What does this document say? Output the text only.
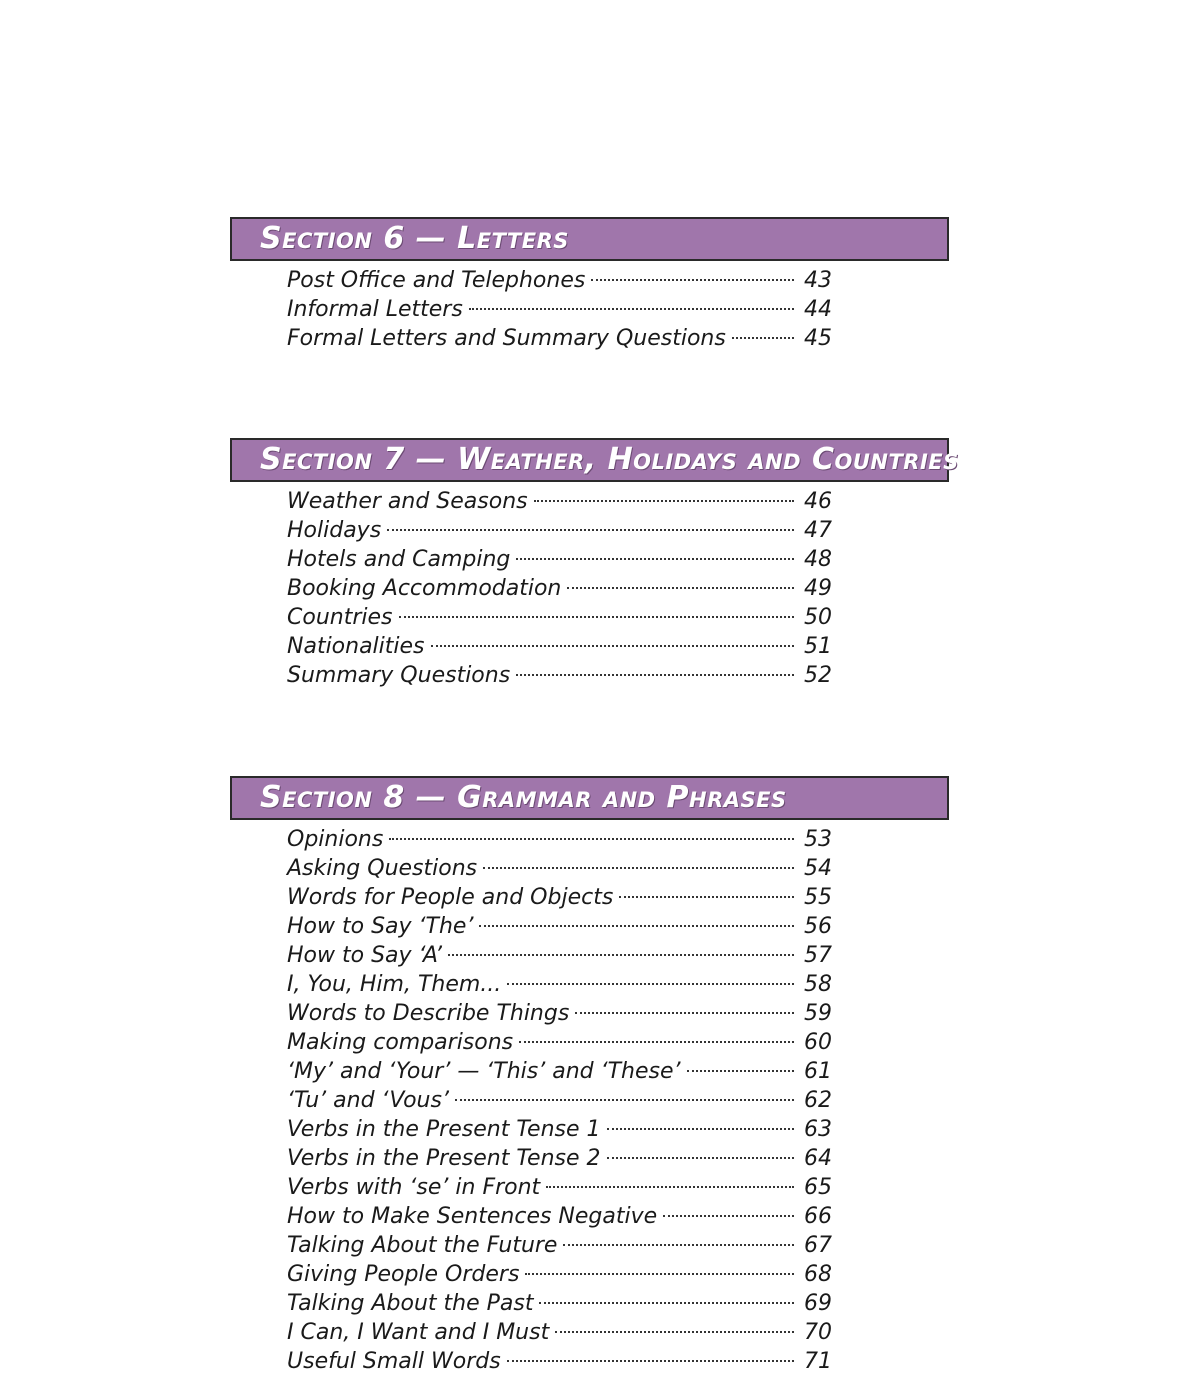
Section 6 — Letters
Post Office and Telephones	43
Informal Letters	44
Formal Letters and Summary Questions	45
Section 7 — Weather, Holidays and Countries
Weather and Seasons	46
Holidays	47
Hotels and Camping	48
Booking Accommodation	49
Countries	50
Nationalities	51
Summary Questions	52
Section 8 — Grammar and Phrases
Opinions	53
Asking Questions	54
Words for People and Objects	55
How to Say ‘The’	56
How to Say ‘A’	57
I, You, Him, Them...	58
Words to Describe Things	59
Making comparisons	60
‘My’ and ‘Your’ — ‘This’ and ‘These’	61
‘Tu’ and ‘Vous’	62
Verbs in the Present Tense 1	63
Verbs in the Present Tense 2	64
Verbs with ‘se’ in Front	65
How to Make Sentences Negative	66
Talking About the Future	67
Giving People Orders	68
Talking About the Past	69
I Can, I Want and I Must	70
Useful Small Words	71
